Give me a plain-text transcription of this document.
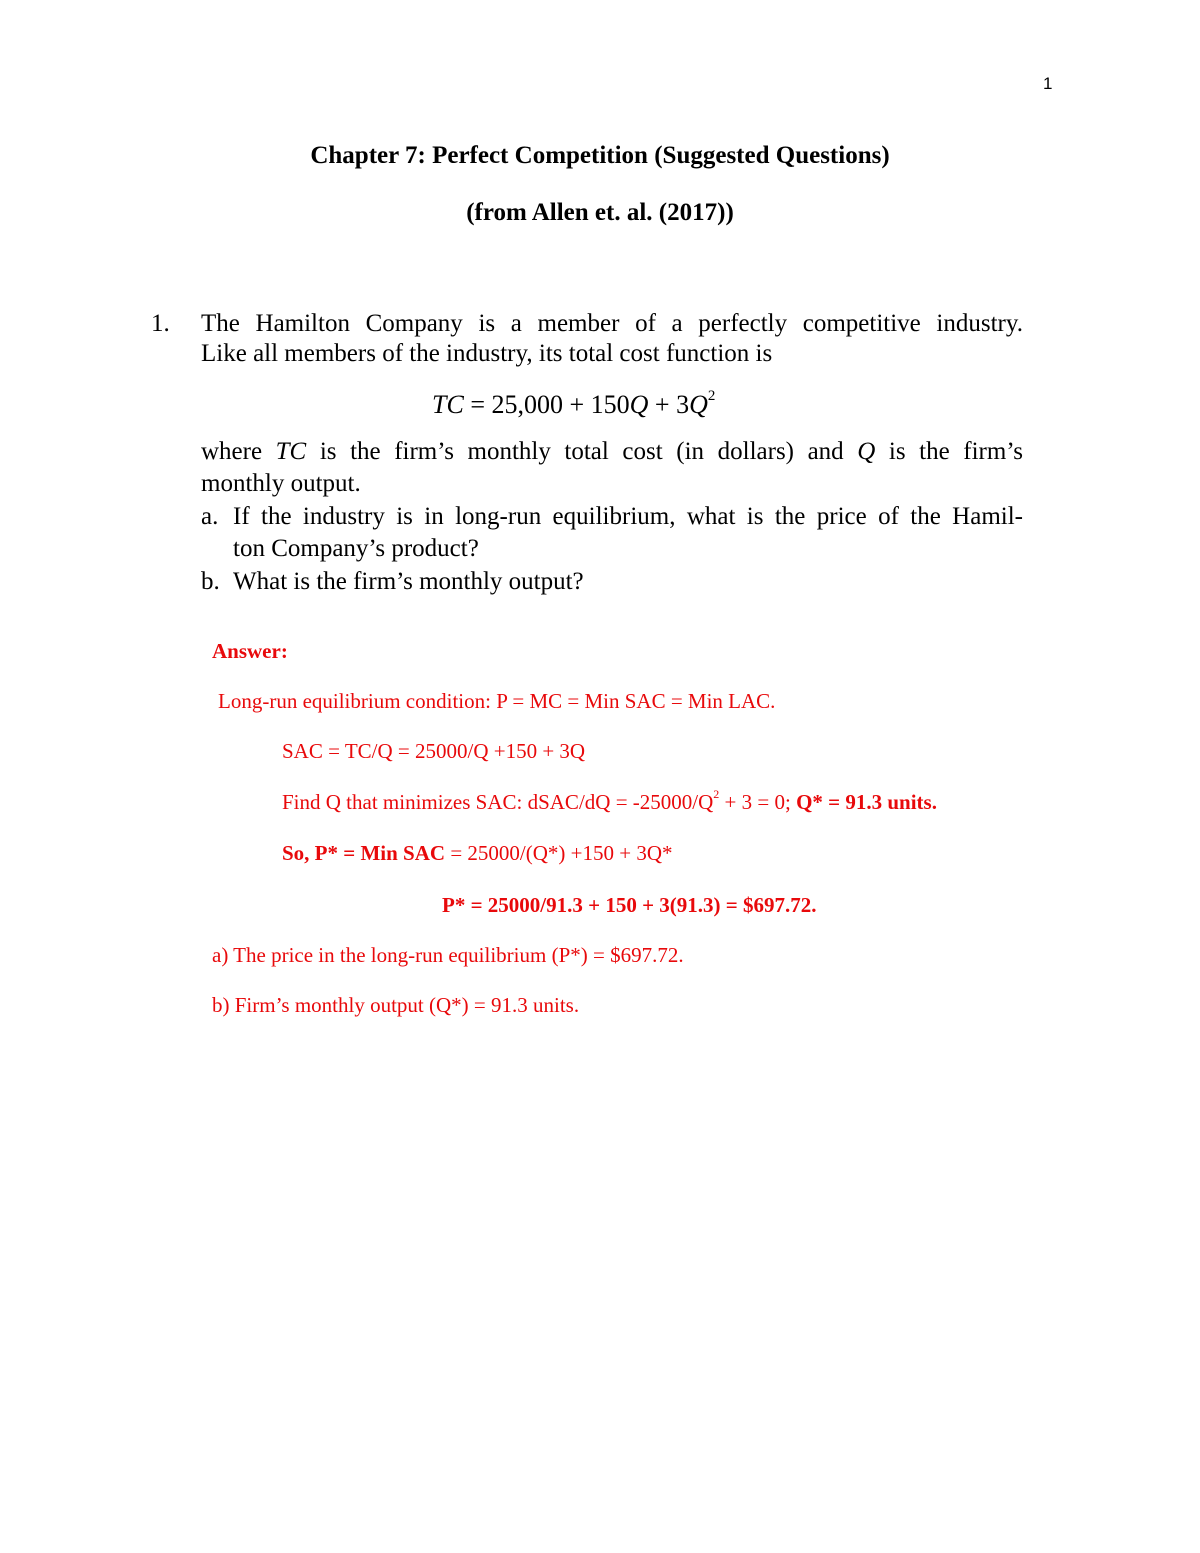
1
Chapter 7: Perfect Competition (Suggested Questions)
(from Allen et. al. (2017))
1. The Hamilton Company is a member of a perfectly competitive industry.
Like all members of the industry, its total cost function is
TC = $25,000 + 150Q + 3Q^2$
where TC is the firm’s monthly total cost (in dollars) and Q is the firm’s
monthly output.
a. If the industry is in long-run equilibrium, what is the price of the Hamil-
ton Company’s product?
b. What is the firm’s monthly output?
Answer:
Long-run equilibrium condition: P = MC = Min SAC = Min LAC.
SAC = TC/Q = 25000/Q +150 + 3Q
Find Q that minimizes SAC: dSAC/dQ = $-25000/Q^2 + 3 = 0$; Q* = 91.3 units.
So, P* = Min SAC = 25000/(Q*) +150 + 3Q*
P* = 25000/91.3 + 150 + 3(91.3) = $697.72.
a) The price in the long-run equilibrium (P*) = $697.72.
b) Firm’s monthly output (Q*) = 91.3 units.
